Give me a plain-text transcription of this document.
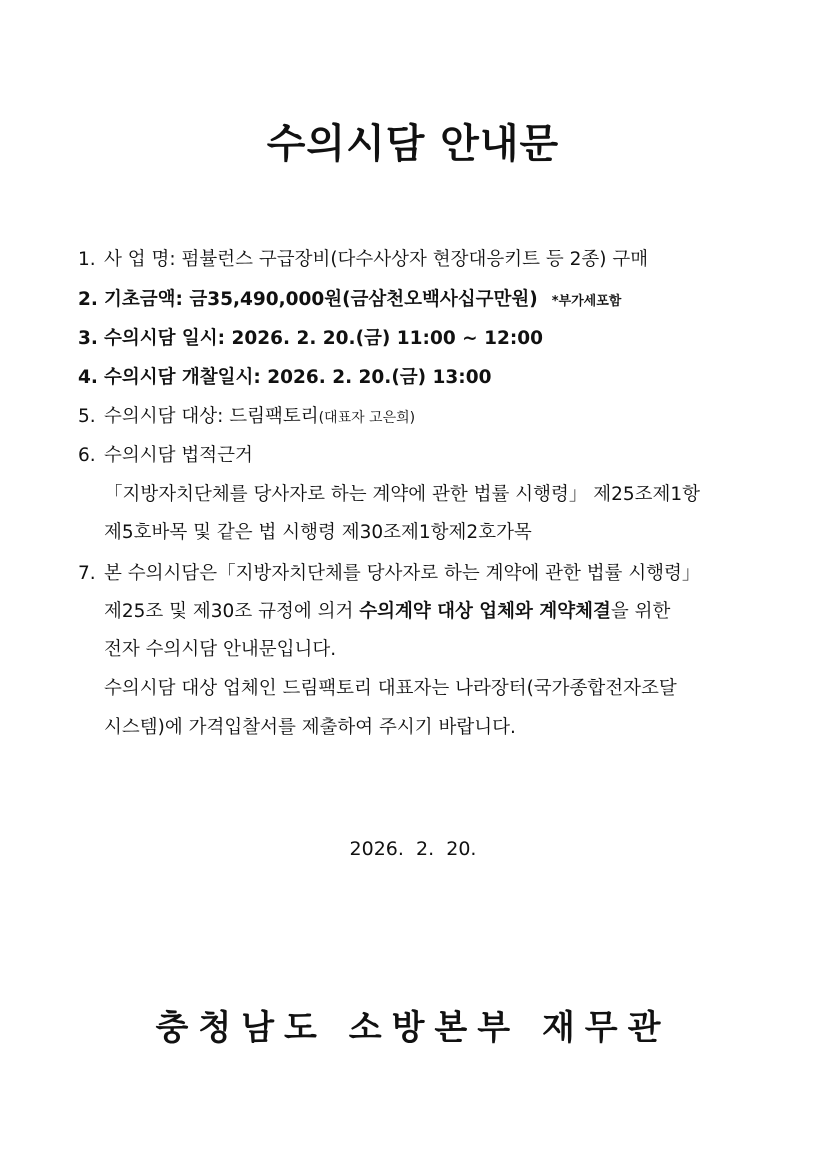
수의시담 안내문
1. 사 업 명: 펌뷸런스 구급장비(다수사상자 현장대응키트 등 2종) 구매
2. 기초금액: 금35,490,000원(금삼천오백사십구만원) *부가세포함
3. 수의시담 일시: 2026. 2. 20.(금) 11:00 ~ 12:00
4. 수의시담 개찰일시: 2026. 2. 20.(금) 13:00
5. 수의시담 대상: 드림팩토리(대표자 고은희)
6. 수의시담 법적근거
「지방자치단체를 당사자로 하는 계약에 관한 법률 시행령」 제25조제1항
제5호바목 및 같은 법 시행령 제30조제1항제2호가목
7. 본 수의시담은「지방자치단체를 당사자로 하는 계약에 관한 법률 시행령」
제25조 및 제30조 규정에 의거 수의계약 대상 업체와 계약체결을 위한
전자 수의시담 안내문입니다.
수의시담 대상 업체인 드림팩토리 대표자는 나라장터(국가종합전자조달
시스템)에 가격입찰서를 제출하여 주시기 바랍니다.
2026.  2.  20.
충청남도 소방본부 재무관
